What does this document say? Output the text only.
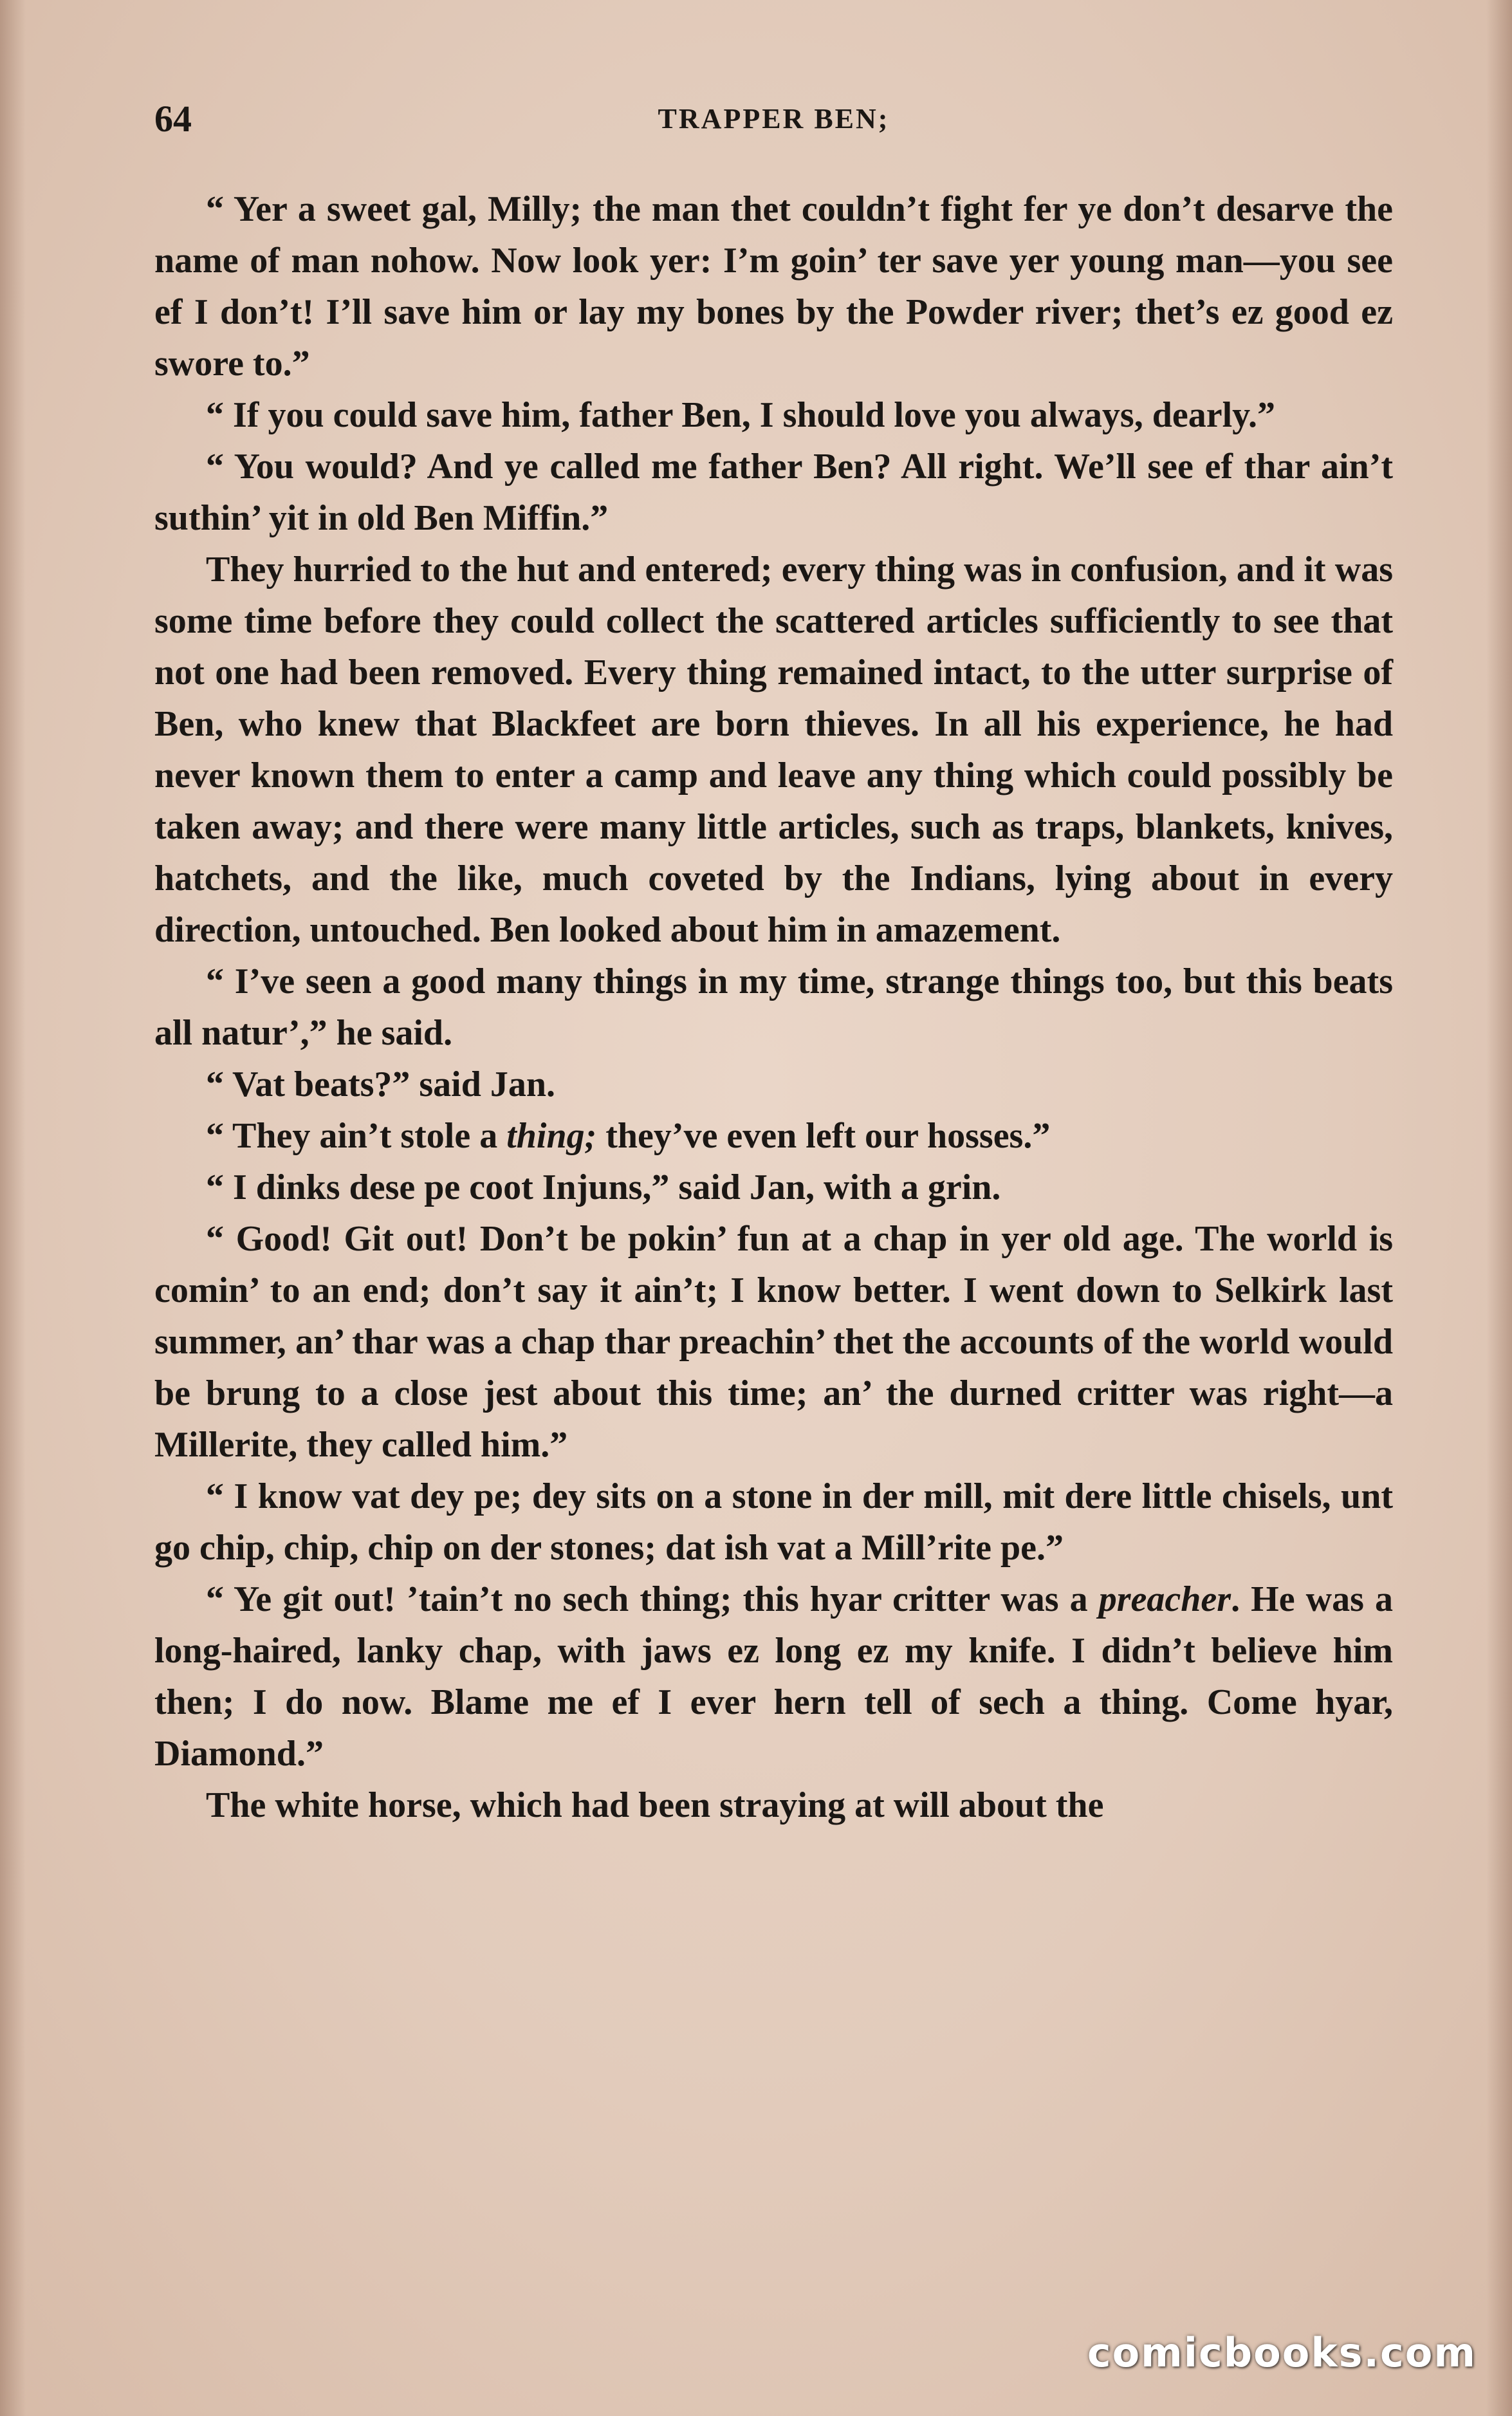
64	TRAPPER BEN;

“ Yer a sweet gal, Milly; the man thet couldn’t fight fer ye don’t desarve the name of man nohow. Now look yer: I’m goin’ ter save yer young man—you see ef I don’t! I’ll save him or lay my bones by the Powder river; thet’s ez good ez swore to.”

“ If you could save him, father Ben, I should love you always, dearly.”

“ You would? And ye called me father Ben? All right. We’ll see ef thar ain’t suthin’ yit in old Ben Miffin.”

They hurried to the hut and entered; every thing was in confusion, and it was some time before they could collect the scattered articles sufficiently to see that not one had been removed. Every thing remained intact, to the utter surprise of Ben, who knew that Blackfeet are born thieves. In all his experience, he had never known them to enter a camp and leave any thing which could possibly be taken away; and there were many little articles, such as traps, blankets, knives, hatchets, and the like, much coveted by the Indians, lying about in every direction, untouched. Ben looked about him in amazement.

“ I’ve seen a good many things in my time, strange things too, but this beats all natur’,” he said.

“ Vat beats?” said Jan.

“ They ain’t stole a thing; they’ve even left our hosses.”

“ I dinks dese pe coot Injuns,” said Jan, with a grin.

“ Good! Git out! Don’t be pokin’ fun at a chap in yer old age. The world is comin’ to an end; don’t say it ain’t; I know better. I went down to Selkirk last summer, an’ thar was a chap thar preachin’ thet the accounts of the world would be brung to a close jest about this time; an’ the durned critter was right—a Millerite, they called him.”

“ I know vat dey pe; dey sits on a stone in der mill, mit dere little chisels, unt go chip, chip, chip on der stones; dat ish vat a Mill’rite pe.”

“ Ye git out! ’tain’t no sech thing; this hyar critter was a preacher. He was a long-haired, lanky chap, with jaws ez long ez my knife. I didn’t believe him then; I do now. Blame me ef I ever hern tell of sech a thing. Come hyar, Diamond.”

The white horse, which had been straying at will about the

comicbooks.com
